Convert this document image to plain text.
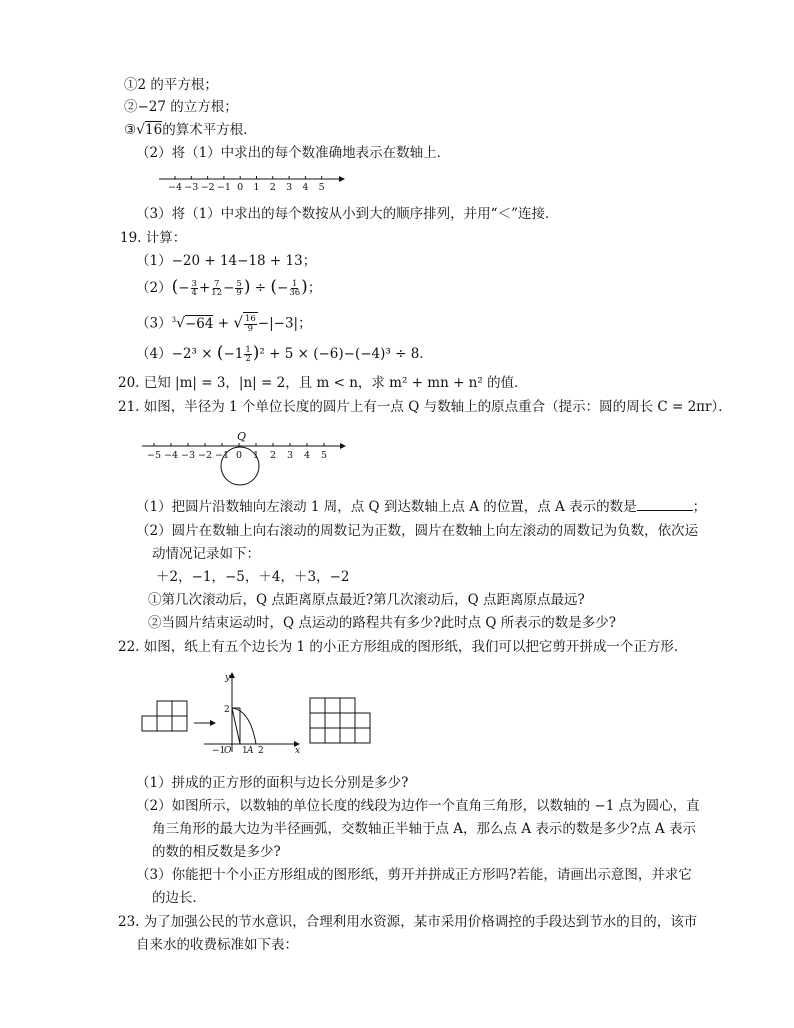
①2 的平方根；
②−27 的立方根；
③√16的算术平方根．
（2）将（1）中求出的每个数准确地表示在数轴上．
−4 −3 −2 −1 0 1 2 3 4 5
（3）将（1）中求出的每个数按从小到大的顺序排列，并用“＜”连接．
19. 计算：
（1）−20 + 14−18 + 13；
$(2)(- \frac{3}{4} + \frac{7}{12} - \frac{5}{9}$ ) ÷ (− $\frac{1}{36}$ )；
$(3)^3√-64$ + √ $\frac{16}{9} -|-3|$；
$(4)-2^3 \times (-1 \frac{1}{2} )^2 + 5 \times (-6)-(-4)^3 \div 8$．
20. 已知 |m| = 3，|n| = 2，且 m < n，求 m² + mn + n² 的值．
21. 如图，半径为 1 个单位长度的圆片上有一点 Q 与数轴上的原点重合（提示：圆的周长 C = 2πr）．
Q
−5 −4 −3 −2 −1 0 1 2 3 4 5
（1）把圆片沿数轴向左滚动 1 周，点 Q 到达数轴上点 A 的位置，点 A 表示的数是	；
（2）圆片在数轴上向右滚动的周数记为正数，圆片在数轴上向左滚动的周数记为负数，依次运
动情况记录如下：
＋2，−1，−5，＋4，＋3，−2
①第几次滚动后，Q 点距离原点最近?第几次滚动后，Q 点距离原点最远?
②当圆片结束运动时，Q 点运动的路程共有多少?此时点 Q 所表示的数是多少?
22. 如图，纸上有五个边长为 1 的小正方形组成的图形纸，我们可以把它剪开拼成一个正方形．
y
2
−1
O 1 A 2	x
（1）拼成的正方形的面积与边长分别是多少?
（2）如图所示，以数轴的单位长度的线段为边作一个直角三角形，以数轴的 −1 点为圆心，直
角三角形的最大边为半径画弧，交数轴正半轴于点 A，那么点 A 表示的数是多少?点 A 表示
的数的相反数是多少?
（3）你能把十个小正方形组成的图形纸，剪开并拼成正方形吗?若能，请画出示意图，并求它
的边长．
23. 为了加强公民的节水意识，合理利用水资源，某市采用价格调控的手段达到节水的目的，该市
自来水的收费标准如下表：
